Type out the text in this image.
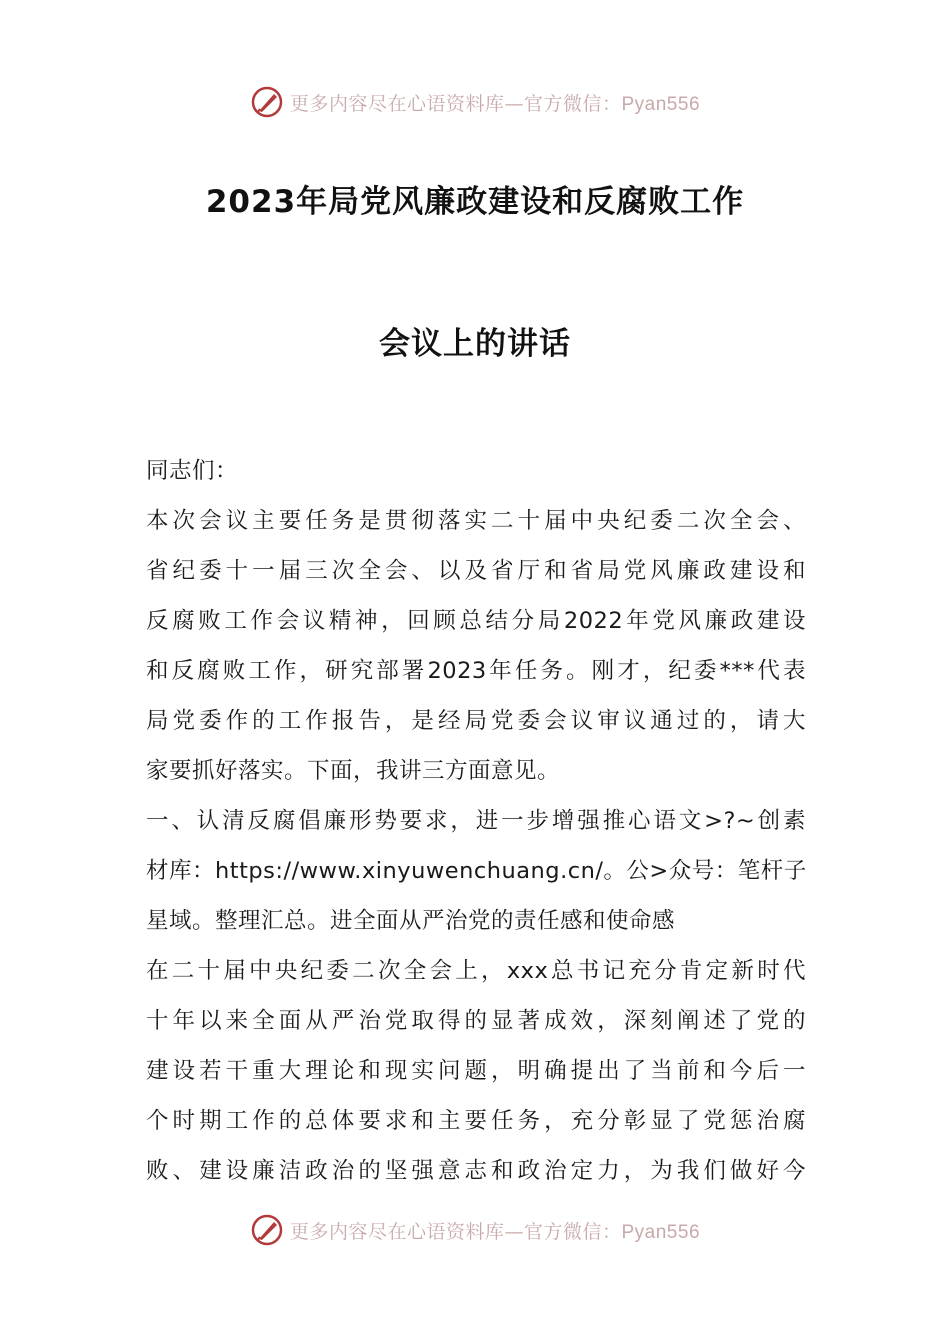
更多内容尽在心语资料库—官方微信：Pyan556
2023年局党风廉政建设和反腐败工作
会议上的讲话
同志们：
本次会议主要任务是贯彻落实二十届中央纪委二次全会、
省纪委十一届三次全会、以及省厅和省局党风廉政建设和
反腐败工作会议精神，回顾总结分局2022年党风廉政建设
和反腐败工作，研究部署2023年任务。刚才，纪委***代表
局党委作的工作报告，是经局党委会议审议通过的，请大
家要抓好落实。下面，我讲三方面意见。
一、认清反腐倡廉形势要求，进一步增强推心语文>?~创素
材库：https://www.xinyuwenchuang.cn/。公>众号：笔杆子
星域。整理汇总。进全面从严治党的责任感和使命感
在二十届中央纪委二次全会上，xxx总书记充分肯定新时代
十年以来全面从严治党取得的显著成效，深刻阐述了党的
建设若干重大理论和现实问题，明确提出了当前和今后一
个时期工作的总体要求和主要任务，充分彰显了党惩治腐
败、建设廉洁政治的坚强意志和政治定力，为我们做好今
更多内容尽在心语资料库—官方微信：Pyan556
